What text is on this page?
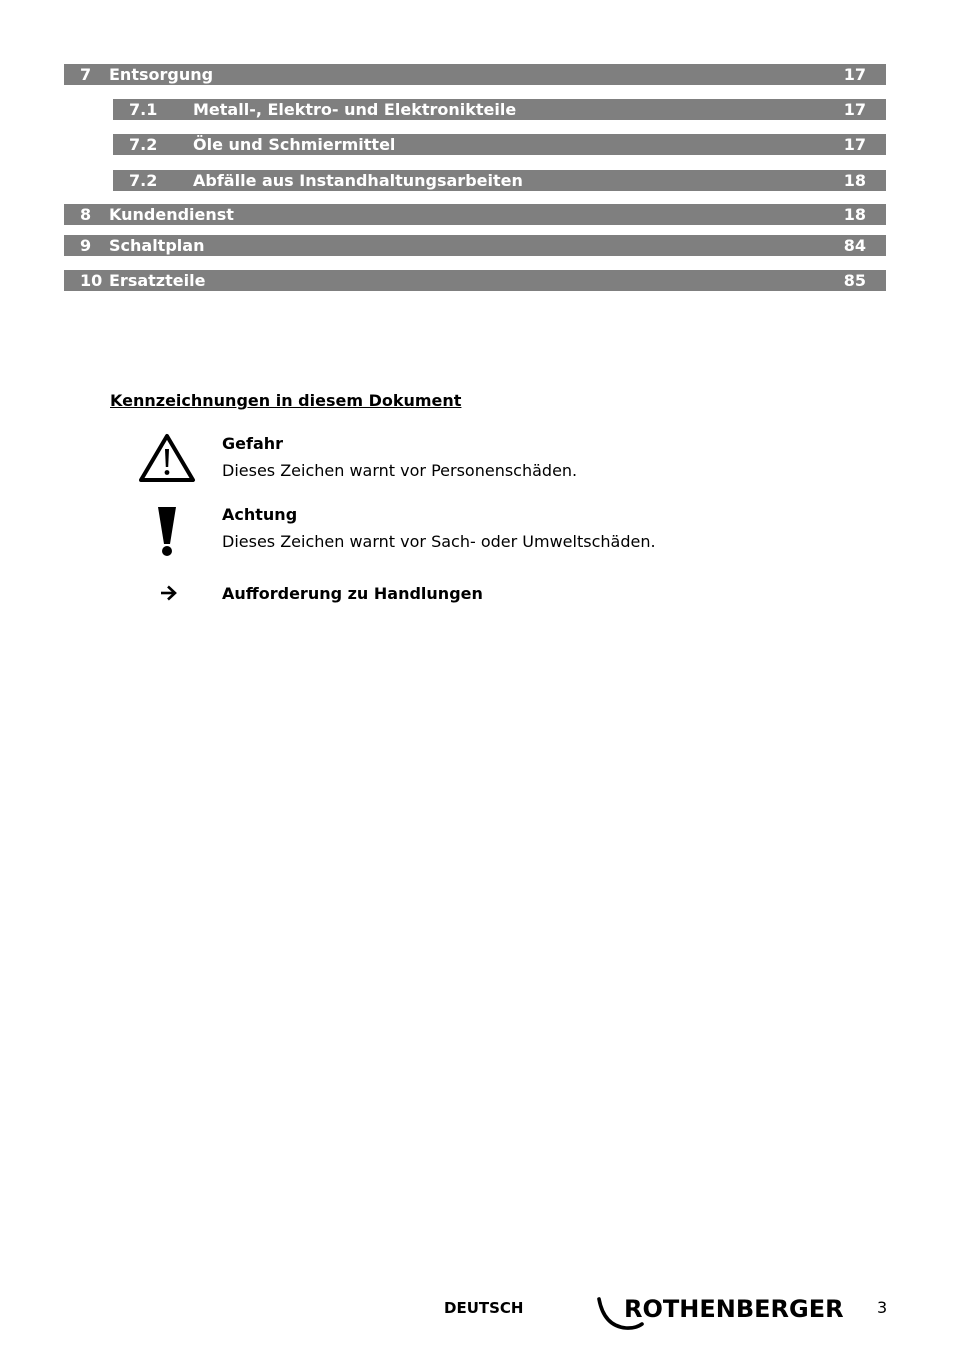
7 Entsorgung	17
7.1 Metall-, Elektro- und Elektronikteile	17
7.2 Öle und Schmiermittel	17
7.2 Abfälle aus Instandhaltungsarbeiten	18
8 Kundendienst	18
9 Schaltplan	84
10 Ersatzteile	85
Kennzeichnungen in diesem Dokument
Gefahr
Dieses Zeichen warnt vor Personenschäden.
Achtung
Dieses Zeichen warnt vor Sach- oder Umweltschäden.
Aufforderung zu Handlungen
DEUTSCH	ROTHENBERGER 3
